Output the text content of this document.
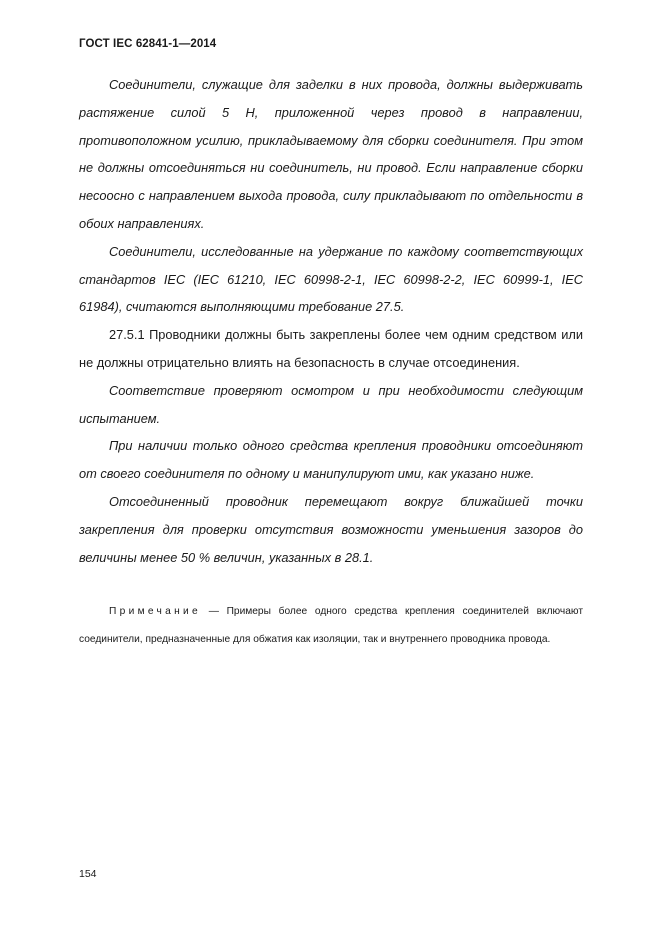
ГОСТ IEC 62841-1—2014

Соединители, служащие для заделки в них провода, должны выдерживать растяжение силой 5 Н, приложенной через провод в направлении, противоположном усилию, прикладываемому для сборки соединителя. При этом не должны отсоединяться ни соединитель, ни провод. Если направление сборки несоосно с направлением выхода провода, силу прикладывают по отдельности в обоих направлениях.

Соединители, исследованные на удержание по каждому соответствующих стандартов IEC (IEC 61210, IEC 60998-2-1, IEC 60998-2-2, IEC 60999-1, IEC 61984), считаются выполняющими требование 27.5.

27.5.1 Проводники должны быть закреплены более чем одним средством или не должны отрицательно влиять на безопасность в случае отсоединения.

Соответствие проверяют осмотром и при необходимости следующим испытанием.

При наличии только одного средства крепления проводники отсоединяют от своего соединителя по одному и манипулируют ими, как указано ниже.

Отсоединенный проводник перемещают вокруг ближайшей точки закрепления для проверки отсутствия возможности уменьшения зазоров до величины менее 50 % величин, указанных в 28.1.

Примечание — Примеры более одного средства крепления соединителей включают соединители, предназначенные для обжатия как изоляции, так и внутреннего проводника провода.
154
